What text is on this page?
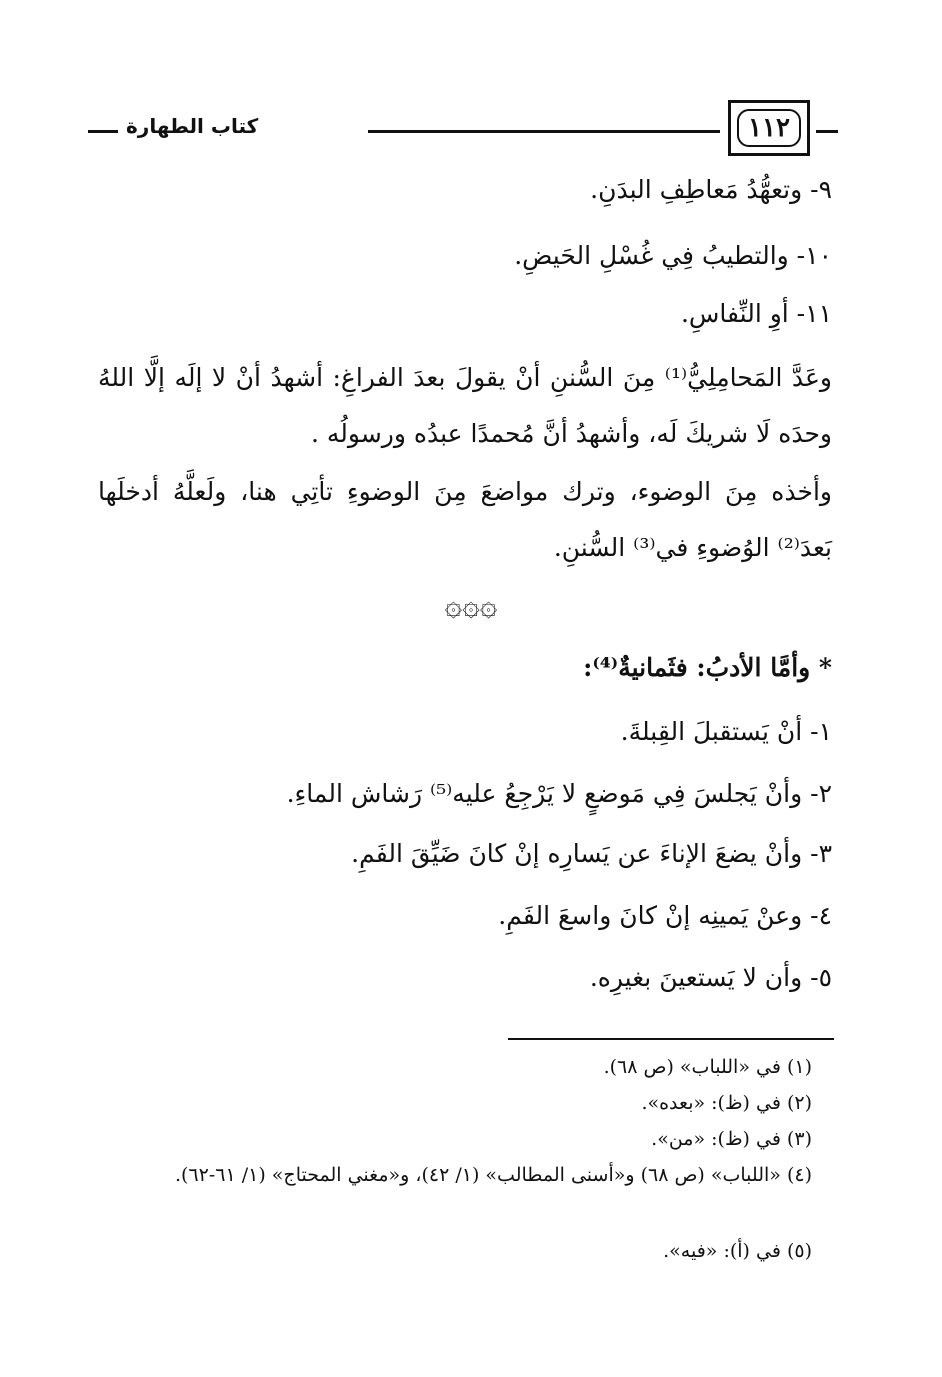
١١٢
كتاب الطهارة
٩- وتعهُّدُ مَعاطِفِ البدَنِ.
١٠- والتطيبُ فِي غُسْلِ الحَيضِ.
١١- أوِ النِّفاسِ.
وعَدَّ المَحامِلِيُّ⁽¹⁾ مِنَ السُّننِ أنْ يقولَ بعدَ الفراغِ: أشهدُ أنْ لا إلَه إلَّا اللهُ وحدَه لَا شريكَ لَه، وأشهدُ أنَّ مُحمدًا عبدُه ورسولُه .
وأخذه مِنَ الوضوء، وترك مواضعَ مِنَ الوضوءِ تأتِي هنا، ولَعلَّهُ أدخلَها بَعدَ⁽²⁾ الوُضوءِ في⁽³⁾ السُّننِ.
۞۞۞
* وأمَّا الأدبُ: فثَمانيةٌ⁽⁴⁾:
١- أنْ يَستقبلَ القِبلةَ.
٢- وأنْ يَجلسَ فِي مَوضعٍ لا يَرْجِعُ عليه⁽⁵⁾ رَشاش الماءِ.
٣- وأنْ يضعَ الإناءَ عن يَسارِه إنْ كانَ ضَيِّقَ الفَمِ.
٤- وعنْ يَمينِه إنْ كانَ واسعَ الفَمِ.
٥- وأن لا يَستعينَ بغيرِه.
(١) في «اللباب» (ص ٦٨).
(٢) في (ظ): «بعده».
(٣) في (ظ): «من».
(٤) «اللباب» (ص ٦٨) و«أسنى المطالب» (١/ ٤٢)، و«مغني المحتاج» (١/ ٦١-٦٢).
(٥) في (أ): «فيه».
